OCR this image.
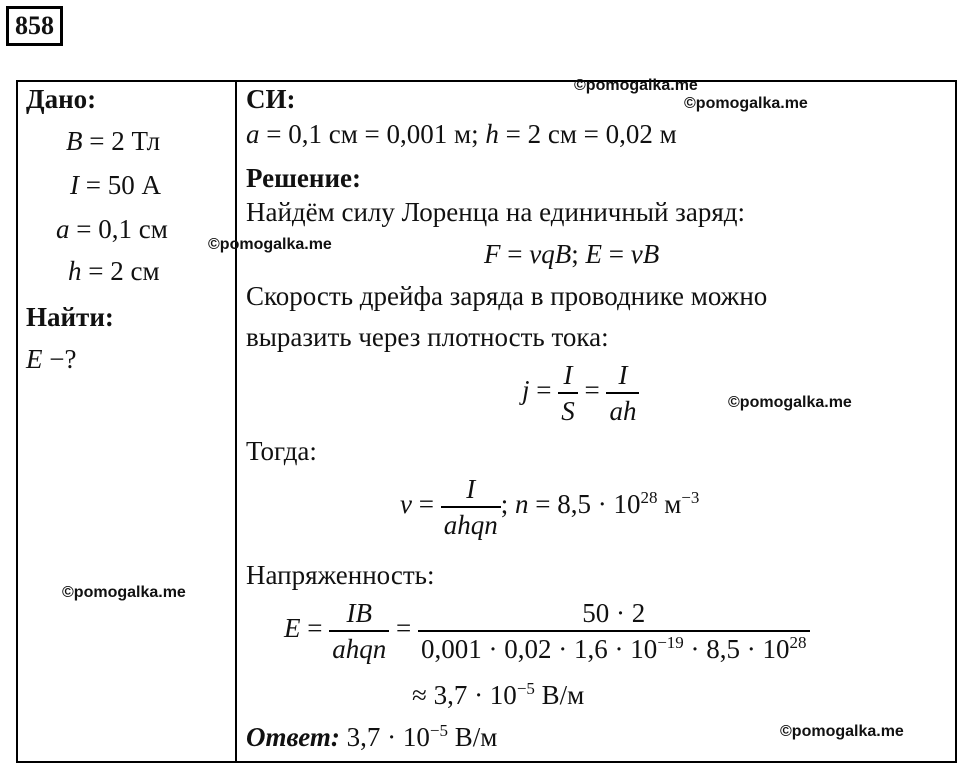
858
Дано:
B = 2 Тл
I = 50 А
a = 0,1 см
h = 2 см
Найти:
E −?
СИ:
a = 0,1 см = 0,001 м; h = 2 см = 0,02 м
Решение:
Найдём силу Лоренца на единичный заряд:
F = vqB; E = vB
Скорость дрейфа заряда в проводнике можно
выразить через плотность тока:
$j = \frac{I}{S} = \frac{I}{ah}$
Тогда:
$v = \frac{I}{\text{ahqn}}$ ; $n = 8,5 \cdot 10^{28}$ $м^{-3}$
Напряженность:
$E = \frac{IB}{\text{ahqn}} = \frac{50 \cdot 2}{0,001 \cdot 0,02 \cdot 1,6 \cdot 10^{-19} \cdot 8,5 \cdot 10^{28}}$
≈ $3,7 \cdot 10^{-5}$ В/м
Ответ: $3,7 \cdot 10^{-5}$ В/м
©pomogalka.me
©pomogalka.me
©pomogalka.me
©pomogalka.me
©pomogalka.me
©pomogalka.me
